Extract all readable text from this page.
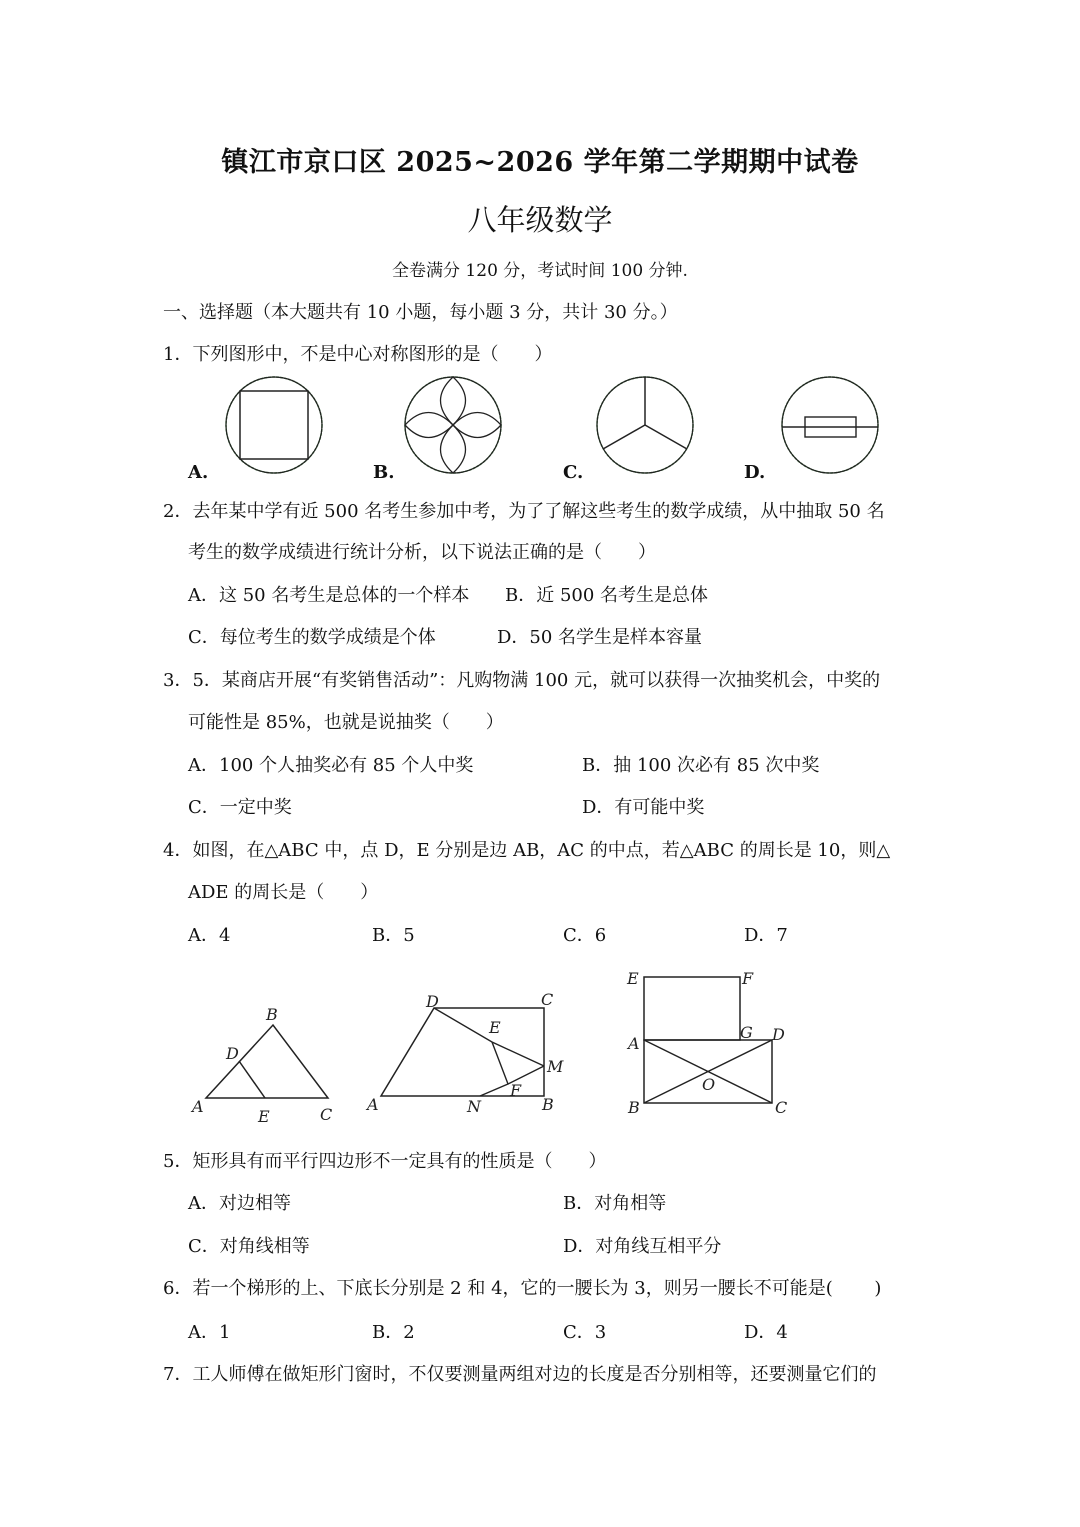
镇江市京口区 2025~2026 学年第二学期期中试卷
八年级数学
全卷满分 120 分，考试时间 100 分钟.
一、选择题（本大题共有 10 小题，每小题 3 分，共计 30 分。）
1．下列图形中，不是中心对称图形的是（　　）
A.	B.	C.	D.
2．去年某中学有近 500 名考生参加中考，为了了解这些考生的数学成绩，从中抽取 50 名
考生的数学成绩进行统计分析，以下说法正确的是（　　）
A．这 50 名考生是总体的一个样本 B．近 500 名考生是总体
C．每位考生的数学成绩是个体	D．50 名学生是样本容量
3．5．某商店开展“有奖销售活动”：凡购物满 100 元，就可以获得一次抽奖机会，中奖的
可能性是 85%，也就是说抽奖（　　）
A．100 个人抽奖必有 85 个人中奖	B．抽 100 次必有 85 次中奖
C．一定中奖	D．有可能中奖
4．如图，在△ABC 中，点 D，E 分别是边 AB，AC 的中点，若△ABC 的周长是 10，则△
ADE 的周长是（　　）
A．4	B．5	C．6	D．7
A
B
C
D
E
A	B
C
D
E
F
M
N
A
B	C
D
E	F
G
O
5．矩形具有而平行四边形不一定具有的性质是（　　）
A．对边相等	B．对角相等
C．对角线相等	D．对角线互相平分
6．若一个梯形的上、下底长分别是 2 和 4，它的一腰长为 3，则另一腰长不可能是(　　 )
A．1	B．2	C．3	D．4
7．工人师傅在做矩形门窗时，不仅要测量两组对边的长度是否分别相等，还要测量它们的
